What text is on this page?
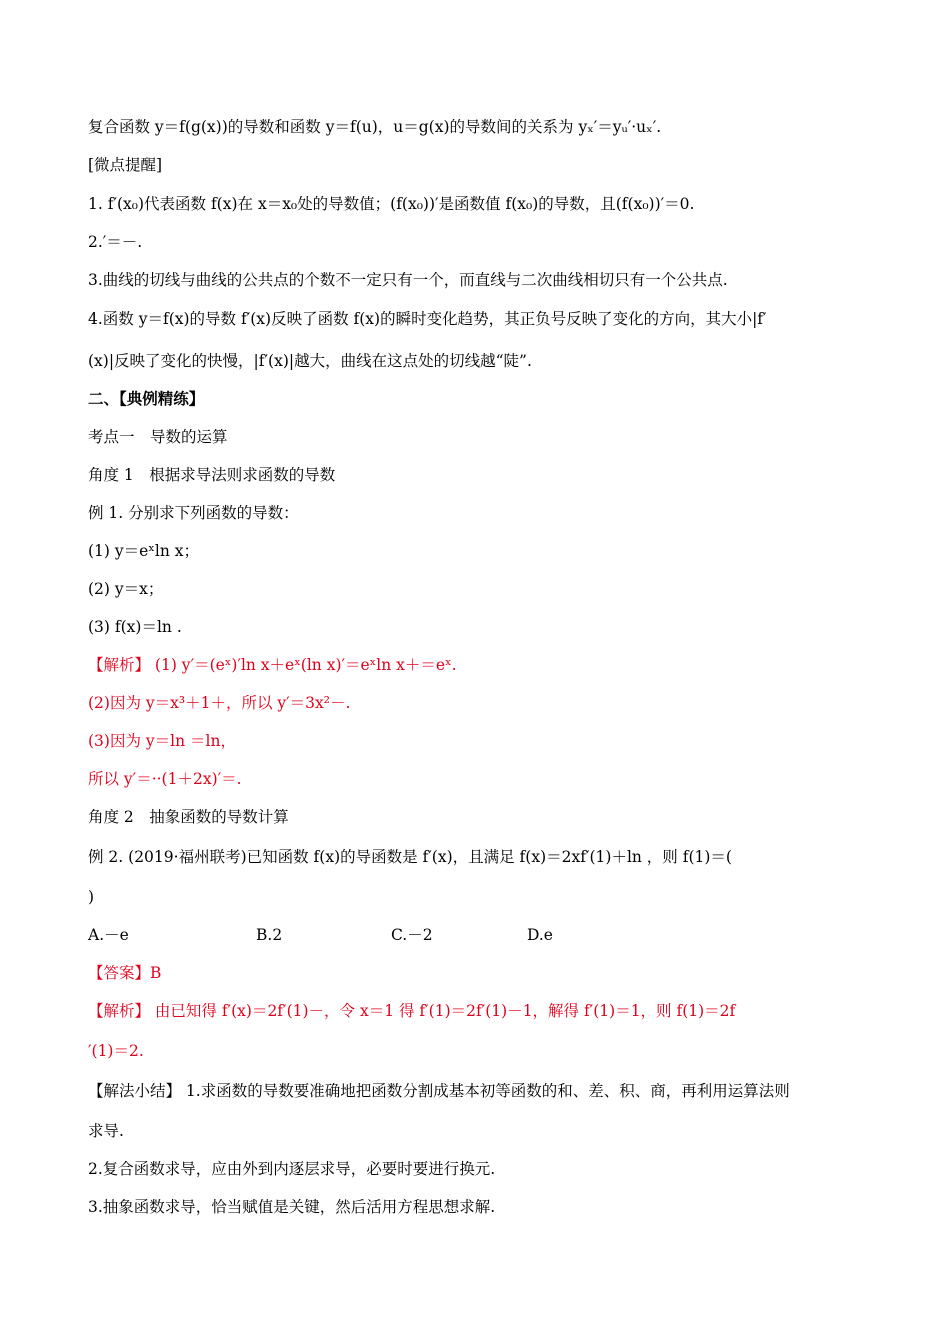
复合函数 y＝f(g(x))的导数和函数 y＝f(u)，u＝g(x)的导数间的关系为 yₓ′＝yᵤ′·uₓ′.
[微点提醒]
1. f′(x₀)代表函数 f(x)在 x＝x₀处的导数值；(f(x₀))′是函数值 f(x₀)的导数，且(f(x₀))′＝0.
2.′＝－.
3.曲线的切线与曲线的公共点的个数不一定只有一个，而直线与二次曲线相切只有一个公共点.
4.函数 y＝f(x)的导数 f′(x)反映了函数 f(x)的瞬时变化趋势，其正负号反映了变化的方向，其大小|f′
(x)|反映了变化的快慢，|f′(x)|越大，曲线在这点处的切线越“陡”.
二、【典例精练】
考点一　导数的运算
角度 1　根据求导法则求函数的导数
例 1. 分别求下列函数的导数：
(1) y＝eˣln x；
(2) y＝x；
(3) f(x)＝ln .
【解析】 (1) y′＝(eˣ)′ln x＋eˣ(ln x)′＝eˣln x＋＝eˣ.
(2)因为 y＝x³＋1＋，所以 y′＝3x²－.
(3)因为 y＝ln ＝ln，
所以 y′＝··(1＋2x)′＝.
角度 2　抽象函数的导数计算
例 2. (2019·福州联考)已知函数 f(x)的导函数是 f′(x)，且满足 f(x)＝2xf′(1)＋ln ，则 f(1)＝(
)
A.－e	B.2	C.－2	D.e
【答案】B
【解析】 由已知得 f′(x)＝2f′(1)－，令 x＝1 得 f′(1)＝2f′(1)－1，解得 f′(1)＝1，则 f(1)＝2f
′(1)＝2.
【解法小结】 1.求函数的导数要准确地把函数分割成基本初等函数的和、差、积、商，再利用运算法则
求导.
2.复合函数求导，应由外到内逐层求导，必要时要进行换元.
3.抽象函数求导，恰当赋值是关键，然后活用方程思想求解.
